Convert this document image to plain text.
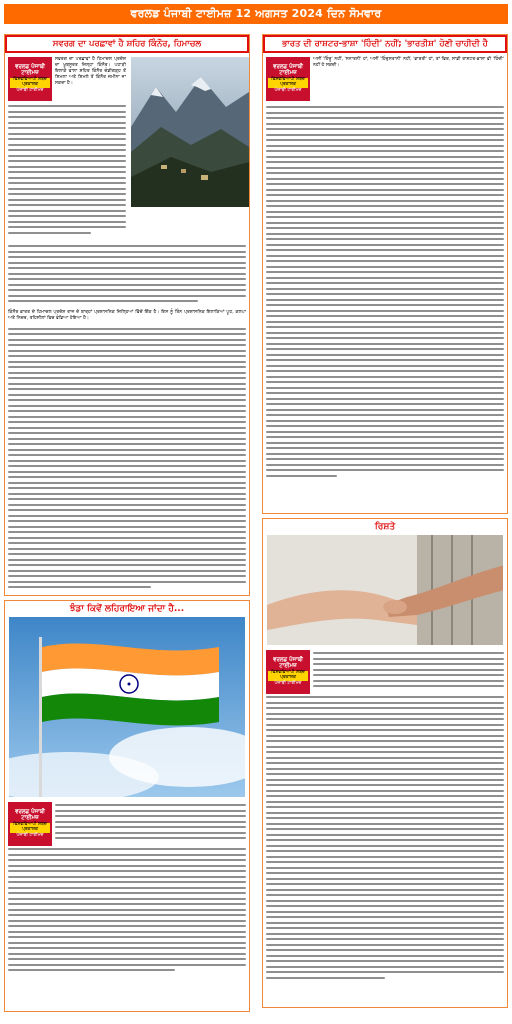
ਵਰਲਡ ਪੰਜਾਬੀ ਟਾਈਮਜ਼ 12 ਅਗਸਤ 2024 ਦਿਨ ਸੋਮਵਾਰ
ਸਵਰਗ ਦਾ ਪਰਛਾਵਾਂ ਹੈ ਸ਼ਹਿਰ ਕਿੰਨੌਰ, ਹਿਮਾਚਲ
ਵਰਲਡ ਪੰਜਾਬੀ ਟਾਈਮਜ਼
ਵਿਸ਼ਵਵਿਆਪੀ ਸ਼ਬਦ ਪ੍ਰਕਾਸ਼ਕ
ਪੰਜਾਬੀ ਟਾਈਮਜ਼
ਸਵਰਗ ਦਾ ਪਰਛਾਵਾਂ ਹੈ ਹਿਮਾਚਲ ਪ੍ਰਦੇਸ਼ ਦਾ ਖੂਬਸੂਰਤ ਜ਼ਿਲ੍ਹਾ ਕਿੰਨੌਰ। ਪਹਾੜੀ ਇਲਾਕੇ ਵਾਲਾ ਸ਼ਹਿਰ ਕਿੰਨੌਰ ਚੰਡੀਗੜ੍ਹ ਤੋਂ ਸ਼ਿਮਲਾ ਅਤੇ ਸ਼ਿਮਲੇ ਤੋਂ ਕਿੰਨੌਰ ਜ਼ਮੀਨਾ ਜਾ ਸਕਦਾ ਹੈ।
ਕਿੰਨੌਰ ਭਾਰਤ ਦੇ ਹਿਮਾਚਲ ਪ੍ਰਦੇਸ਼ ਰਾਜ ਦੇ ਬਾਰ੍ਹਾਂ ਪ੍ਰਸ਼ਾਸਨਿਕ ਜ਼ਿਲ੍ਹਿਆਂ ਵਿੱਚੋਂ ਇੱਕ ਹੈ। ਇਸ ਨੂੰ ਤਿੰਨ ਪ੍ਰਸ਼ਾਸਨਿਕ ਇਲਾਕਿਆਂ ਪੂਹ, ਕਲਪਾ ਅਤੇ ਨਿਚਰ, ਤਹਿਸੀਲਾਂ ਵਿਚ ਵੰਡਿਆ ਹੋਇਆ ਹੈ।
ਝੰਡਾ ਕਿਵੇਂ ਲਹਿਰਾਇਆ ਜਾਂਦਾ ਹੈ...
ਵਰਲਡ ਪੰਜਾਬੀ ਟਾਈਮਜ਼
ਵਿਸ਼ਵਵਿਆਪੀ ਸ਼ਬਦ ਪ੍ਰਕਾਸ਼ਕ
ਪੰਜਾਬੀ ਟਾਈਮਜ਼
ਭਾਰਤ ਦੀ ਰਾਸ਼ਟਰ-ਭਾਸ਼ਾ 'ਹਿੰਦੀ' ਨਹੀਂ; 'ਭਾਰਤੀਸ਼' ਹੋਣੀ ਚਾਹੀਦੀ ਹੈ
ਵਰਲਡ ਪੰਜਾਬੀ ਟਾਈਮਜ਼
ਵਿਸ਼ਵਵਿਆਪੀ ਸ਼ਬਦ ਪ੍ਰਕਾਸ਼ਕ
ਪੰਜਾਬੀ ਟਾਈਮਜ਼
ਅਸੀਂ 'ਹਿੰਦੂ' ਨਹੀਂ, 'ਸਨਾਤਨੀ' ਹਾਂ, ਅਸੀਂ 'ਹਿੰਦੁਸਤਾਨੀ' ਨਹੀਂ, 'ਭਾਰਤੀ' ਹਾਂ, ਤਾਂ ਫਿਰ, ਸਾਡੀ ਰਾਸ਼ਟਰ-ਭਾਸ਼ਾ ਵੀ 'ਹਿੰਦੀ' ਨਹੀਂ ਹੋ ਸਕਦੀ।
ਰਿਸ਼ਤੇ
ਵਰਲਡ ਪੰਜਾਬੀ ਟਾਈਮਜ਼
ਵਿਸ਼ਵਵਿਆਪੀ ਸ਼ਬਦ ਪ੍ਰਕਾਸ਼ਕ
ਪੰਜਾਬੀ ਟਾਈਮਜ਼
